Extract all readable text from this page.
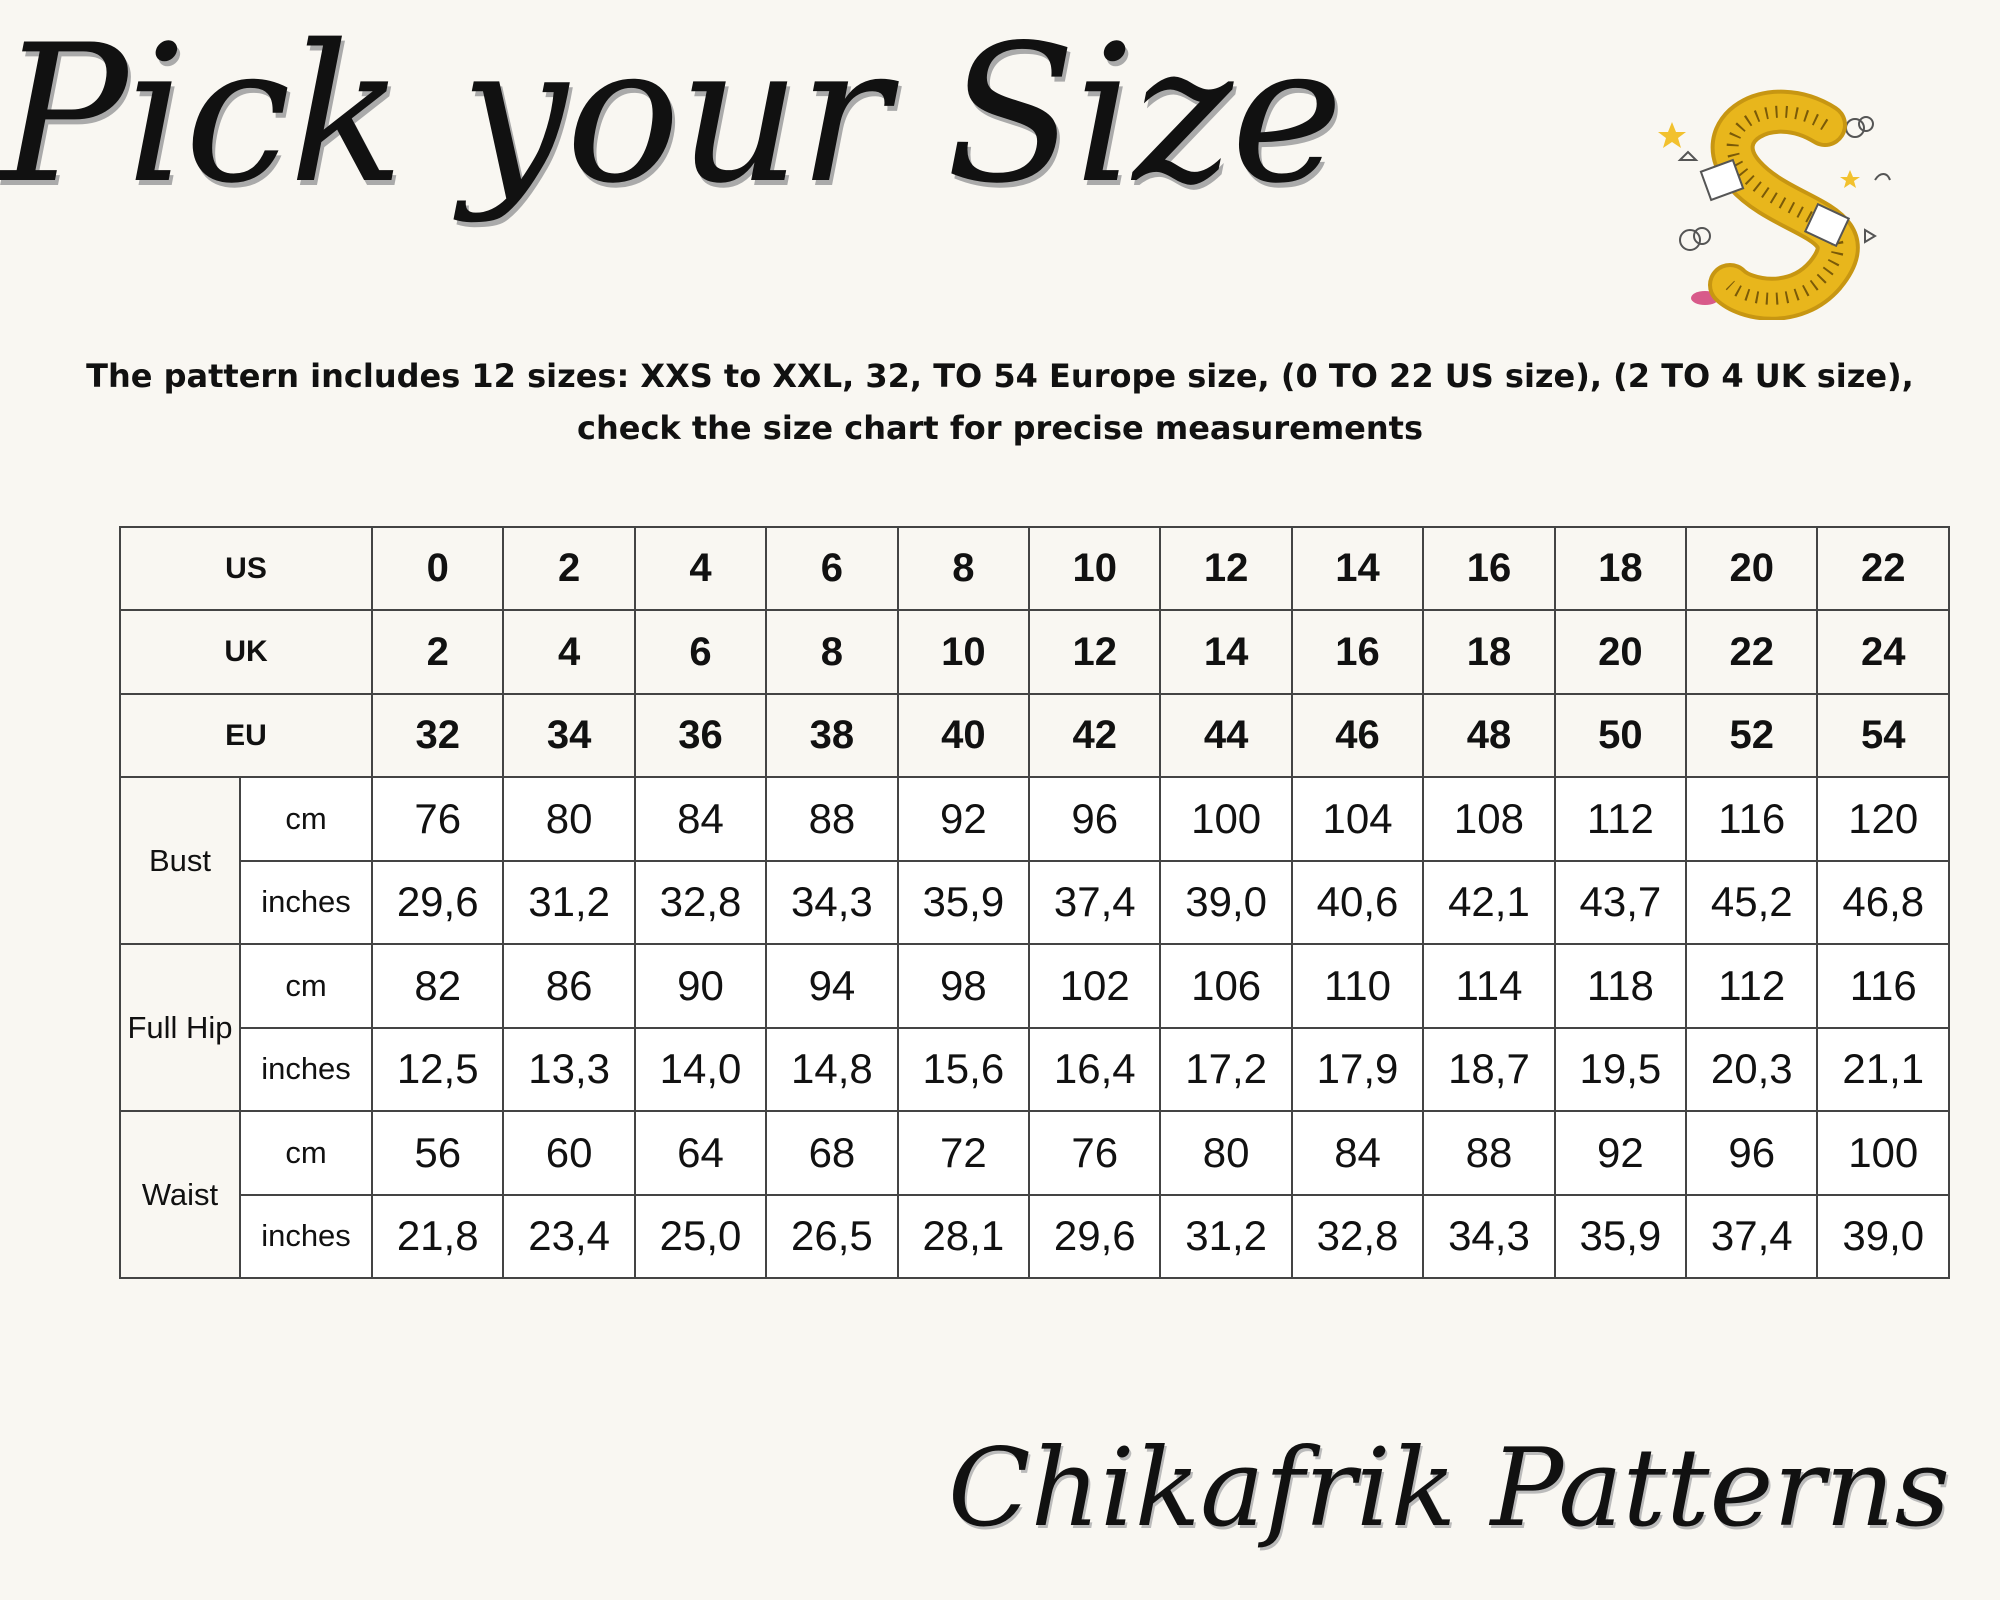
Pick your Size
The pattern includes 12 sizes: XXS to XXL, 32, TO 54 Europe size, (0 TO 22 US size), (2 TO 4 UK size), check the size chart for precise measurements
US		0	2	4	6	8	10	12	14	16	18	20	22
UK		2	4	6	8	10	12	14	16	18	20	22	24
EU		32	34	36	38	40	42	44	46	48	50	52	54
Bust	cm	76	80	84	88	92	96	100	104	108	112	116	120
	inches	29,6	31,2	32,8	34,3	35,9	37,4	39,0	40,6	42,1	43,7	45,2	46,8
Full Hip	cm	82	86	90	94	98	102	106	110	114	118	112	116
	inches	12,5	13,3	14,0	14,8	15,6	16,4	17,2	17,9	18,7	19,5	20,3	21,1
Waist	cm	56	60	64	68	72	76	80	84	88	92	96	100
	inches	21,8	23,4	25,0	26,5	28,1	29,6	31,2	32,8	34,3	35,9	37,4	39,0
Chikafrik Patterns
